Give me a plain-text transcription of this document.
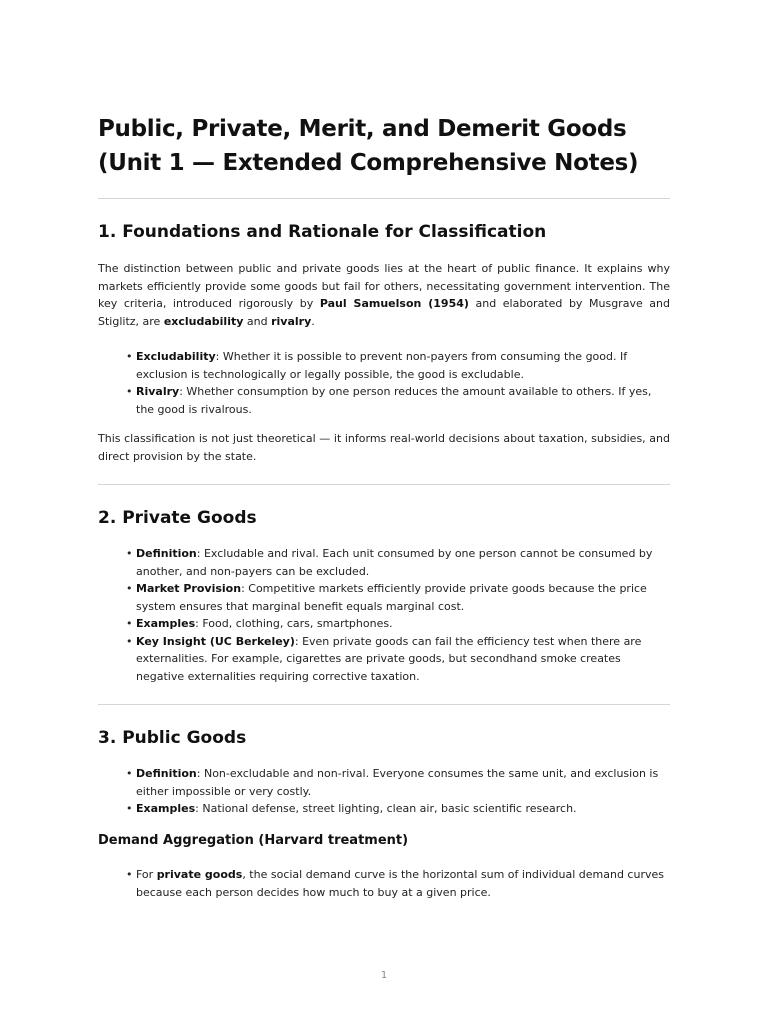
Public, Private, Merit, and Demerit Goods (Unit 1 — Extended Comprehensive Notes)
1. Foundations and Rationale for Classification

The distinction between public and private goods lies at the heart of public finance. It explains why markets efficiently provide some goods but fail for others, necessitating government intervention. The key criteria, introduced rigorously by Paul Samuelson (1954) and elaborated by Musgrave and Stiglitz, are excludability and rivalry.

• Excludability: Whether it is possible to prevent non-payers from consuming the good. If exclusion is technologically or legally possible, the good is excludable.
• Rivalry: Whether consumption by one person reduces the amount available to others. If yes, the good is rivalrous.

This classification is not just theoretical — it informs real-world decisions about taxation, subsidies, and direct provision by the state.

2. Private Goods
• Definition: Excludable and rival. Each unit consumed by one person cannot be consumed by another, and non-payers can be excluded.
• Market Provision: Competitive markets efficiently provide private goods because the price system ensures that marginal benefit equals marginal cost.
• Examples: Food, clothing, cars, smartphones.
• Key Insight (UC Berkeley): Even private goods can fail the efficiency test when there are externalities. For example, cigarettes are private goods, but secondhand smoke creates negative externalities requiring corrective taxation.
3. Public Goods
• Definition: Non-excludable and non-rival. Everyone consumes the same unit, and exclusion is either impossible or very costly.
• Examples: National defense, street lighting, clean air, basic scientific research.
Demand Aggregation (Harvard treatment)
• For private goods, the social demand curve is the horizontal sum of individual demand curves because each person decides how much to buy at a given price.
1
